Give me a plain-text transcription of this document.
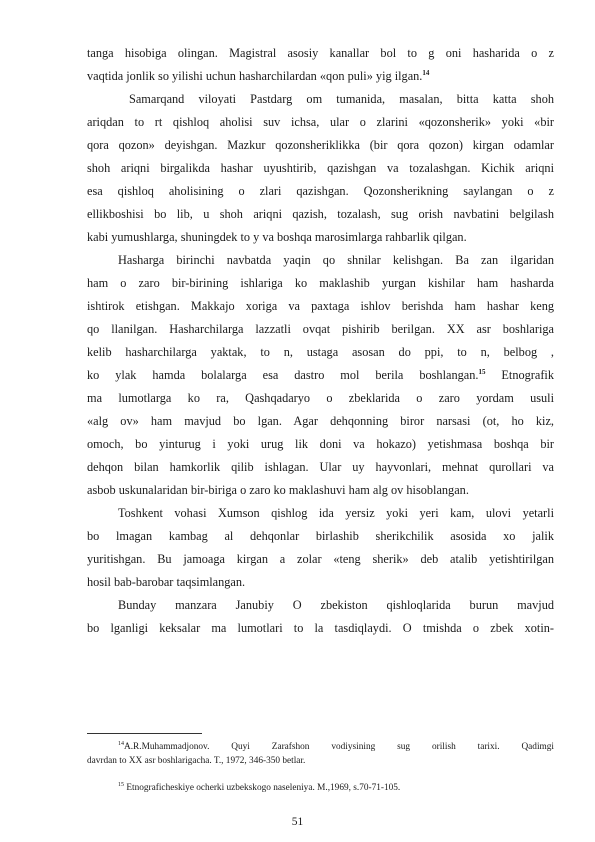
tanga hisobiga olingan. Magistral asosiy kanallar bol to g oni hasharida o z
vaqtida jonlik so yilishi uchun hasharchilardan «qon puli» yig ilgan.$^{14}$
Samarqand viloyati Pastdarg om tumanida, masalan, bitta katta shoh
ariqdan to rt qishloq aholisi suv ichsa, ular o zlarini «qozonsherik» yoki «bir
qora qozon» deyishgan. Mazkur qozonsheriklikka (bir qora qozon) kirgan odamlar
shoh ariqni birgalikda hashar uyushtirib, qazishgan va tozalashgan. Kichik ariqni
esa qishloq aholisining o zlari qazishgan. Qozonsherikning saylangan o z
ellikboshisi bo lib, u shoh ariqni qazish, tozalash, sug orish navbatini belgilash
kabi yumushlarga, shuningdek to y va boshqa marosimlarga rahbarlik qilgan.
Hasharga birinchi navbatda yaqin qo shnilar kelishgan. Ba zan ilgaridan
ham o zaro bir-birining ishlariga ko maklashib yurgan kishilar ham hasharda
ishtirok etishgan. Makkajo xoriga va paxtaga ishlov berishda ham hashar keng
qo llanilgan. Hasharchilarga lazzatli ovqat pishirib berilgan. XX asr boshlariga
kelib hasharchilarga yaktak, to n, ustaga asosan do ppi, to n, belbog ,
ko ylak hamda bolalarga esa dastro mol berila boshlangan.$^{15}$ Etnografik
ma lumotlarga ko ra, Qashqadaryo o zbeklarida o zaro yordam usuli
«alg ov» ham mavjud bo lgan. Agar dehqonning biror narsasi (ot, ho kiz,
omoch, bo yinturug i yoki urug lik doni va hokazo) yetishmasa boshqa bir
dehqon bilan hamkorlik qilib ishlagan. Ular uy hayvonlari, mehnat qurollari va
asbob uskunalaridan bir-biriga o zaro ko maklashuvi ham alg ov hisoblangan.
Toshkent vohasi Xumson qishlog ida yersiz yoki yeri kam, ulovi yetarli
bo lmagan kambag al dehqonlar birlashib sherikchilik asosida xo jalik
yuritishgan. Bu jamoaga kirgan a zolar «teng sherik» deb atalib yetishtirilgan
hosil bab-barobar taqsimlangan.
Bunday manzara Janubiy O zbekiston qishloqlarida burun mavjud
bo lganligi keksalar ma lumotlari to la tasdiqlaydi. O tmishda o zbek xotin-
$^{14}$A.R.Muhammadjonov. Quyi Zarafshon vodiysining sug orilish tarixi. Qadimgi
davrdan to XX asr boshlarigacha. T., 1972, 346-350 betlar.
$^{15}$ Etnograficheskiye ocherki uzbekskogo naseleniya. M.,1969, s.70-71-105.
51
